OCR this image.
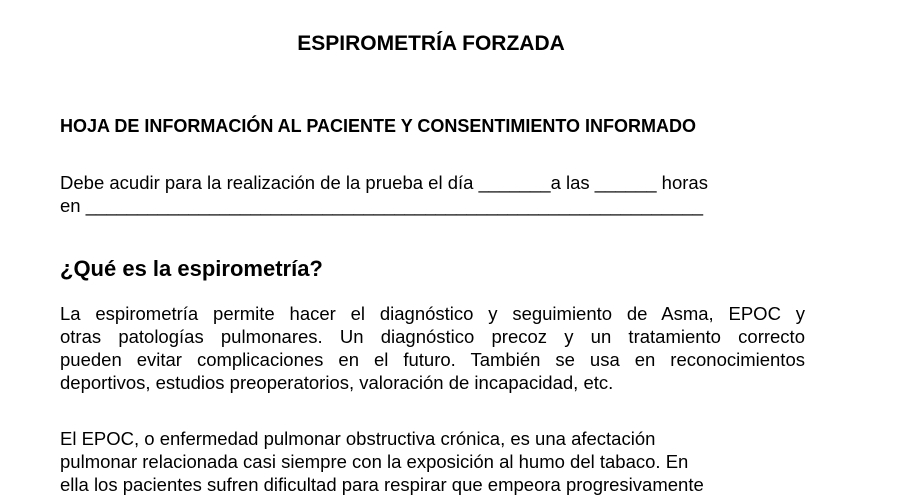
ESPIROMETRÍA FORZADA
HOJA DE INFORMACIÓN AL PACIENTE Y CONSENTIMIENTO INFORMADO
Debe acudir para la realización de la prueba el día _______a las ______ horas
en ____________________________________________________________
¿Qué es la espirometría?
La espirometría permite hacer el diagnóstico y seguimiento de Asma, EPOC y
otras patologías pulmonares. Un diagnóstico precoz y un tratamiento correcto
pueden evitar complicaciones en el futuro. También se usa en reconocimientos
deportivos, estudios preoperatorios, valoración de incapacidad, etc.
El EPOC, o enfermedad pulmonar obstructiva crónica, es una afectación
pulmonar relacionada casi siempre con la exposición al humo del tabaco. En
ella los pacientes sufren dificultad para respirar que empeora progresivamente
